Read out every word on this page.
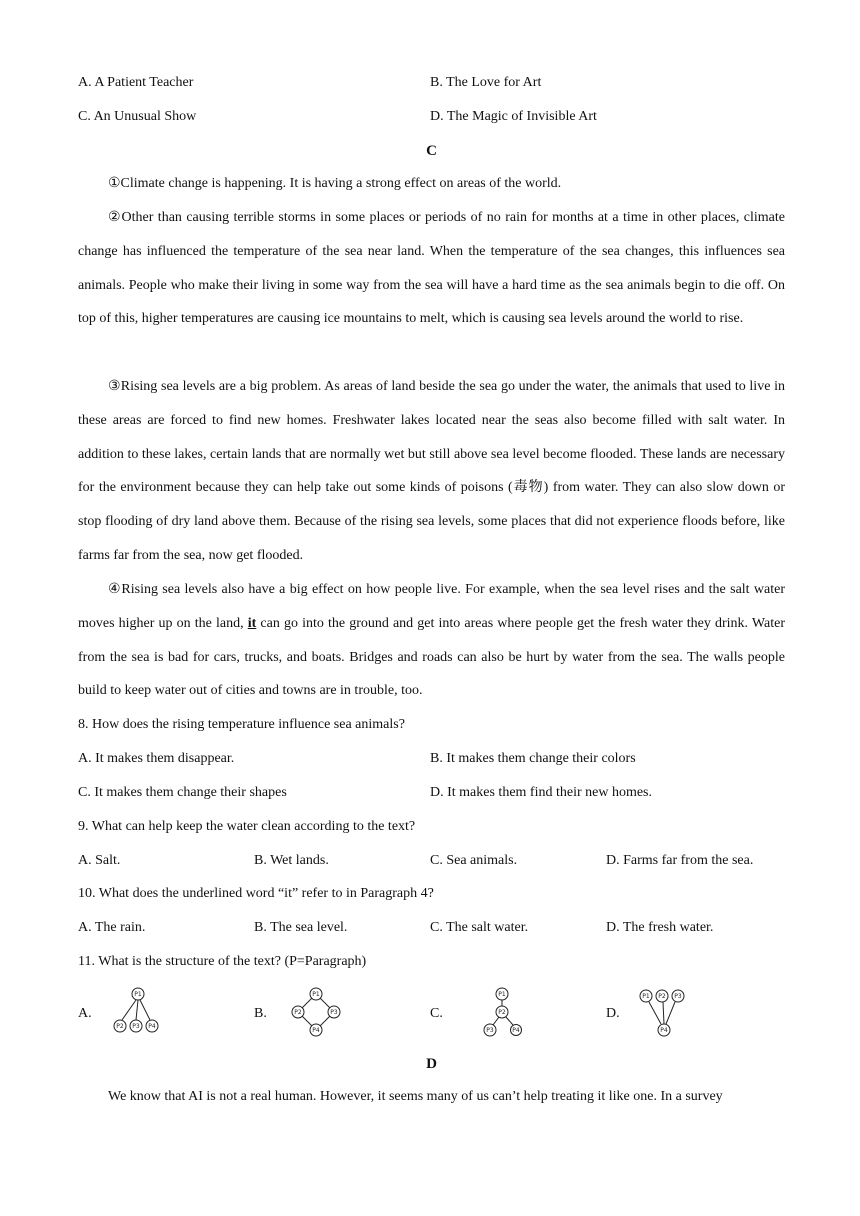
A. A Patient Teacher	B. The Love for Art
C. An Unusual Show	D. The Magic of Invisible Art
C

①Climate change is happening. It is having a strong effect on areas of the world.

②Other than causing terrible storms in some places or periods of no rain for months at a time in other places, climate change has influenced the temperature of the sea near land. When the temperature of the sea changes, this influences sea animals. People who make their living in some way from the sea will have a hard time as the sea animals begin to die off. On top of this, higher temperatures are causing ice mountains to melt, which is causing sea levels around the world to rise.

③Rising sea levels are a big problem. As areas of land beside the sea go under the water, the animals that used to live in these areas are forced to find new homes. Freshwater lakes located near the seas also become filled with salt water. In addition to these lakes, certain lands that are normally wet but still above sea level become flooded. These lands are necessary for the environment because they can help take out some kinds of poisons (毒物) from water. They can also slow down or stop flooding of dry land above them. Because of the rising sea levels, some places that did not experience floods before, like farms far from the sea, now get flooded.

④Rising sea levels also have a big effect on how people live. For example, when the sea level rises and the salt water moves higher up on the land, it can go into the ground and get into areas where people get the fresh water they drink. Water from the sea is bad for cars, trucks, and boats. Bridges and roads can also be hurt by water from the sea. The walls people build to keep water out of cities and towns are in trouble, too.

8. How does the rising temperature influence sea animals?
A. It makes them disappear.	B. It makes them change their colors
C. It makes them change their shapes	D. It makes them find their new homes.
9. What can help keep the water clean according to the text?
A. Salt.	B. Wet lands.	C. Sea animals.	D. Farms far from the sea.
10. What does the underlined word “it” refer to in Paragraph 4?
A. The rain.	B. The sea level.	C. The salt water.	D. The fresh water.
11. What is the structure of the text? (P=Paragraph)
A.
P1
P2 P3 P4
B.
P1
P2	P3
P4
C.
P1
P2
P3	P4
D.
P1 P2 P3
P4
D

We know that AI is not a real human. However, it seems many of us can’t help treating it like one. In a survey
